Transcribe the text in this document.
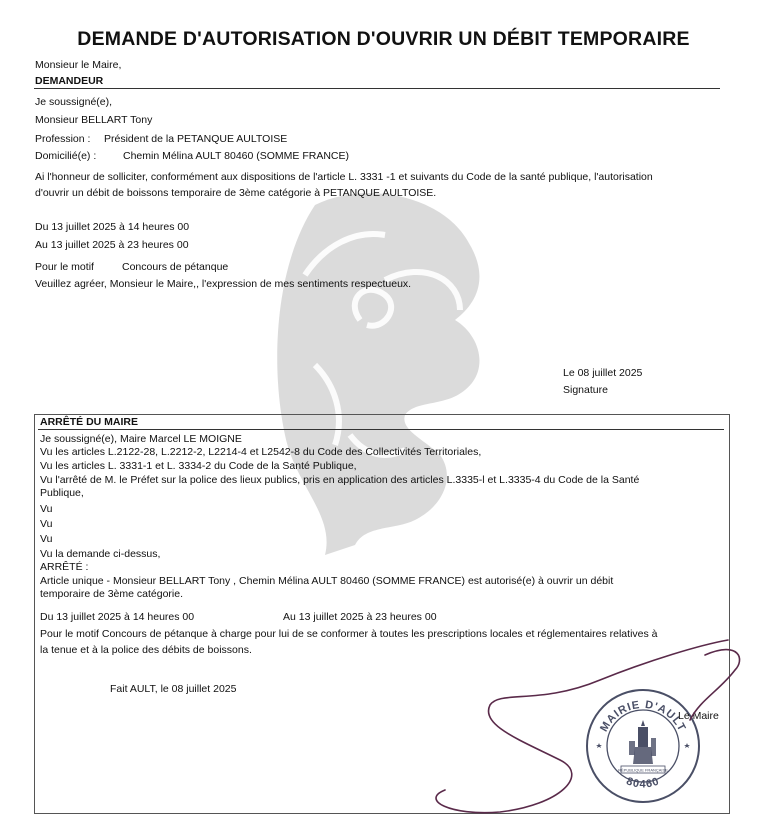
DEMANDE D'AUTORISATION D'OUVRIR UN DÉBIT TEMPORAIRE
Monsieur le Maire,
DEMANDEUR
Je soussigné(e),
Monsieur BELLART Tony
Profession : Président de la PETANQUE AULTOISE
Domicilié(e) :	Chemin Mélina AULT 80460 (SOMME FRANCE)
Ai l'honneur de solliciter, conformément aux dispositions de l'article L. 3331 -1 et suivants du Code de la santé publique, l'autorisation
d'ouvrir un débit de boissons temporaire de 3ème catégorie à PETANQUE AULTOISE.
Du 13 juillet 2025 à 14 heures 00
Au 13 juillet 2025 à 23 heures 00
Pour le motif	Concours de pétanque
Veuillez agréer, Monsieur le Maire,, l'expression de mes sentiments respectueux.
Le 08 juillet 2025
Signature
ARRÊTÉ DU MAIRE
Je soussigné(e), Maire Marcel LE MOIGNE
Vu les articles L.2122-28, L.2212-2, L2214-4 et L2542-8 du Code des Collectivités Territoriales,
Vu les articles L. 3331-1 et L. 3334-2 du Code de la Santé Publique,
Vu l'arrêté de M. le Préfet sur la police des lieux publics, pris en application des articles L.3335-l et L.3335-4 du Code de la Santé
Publique,
Vu
Vu
Vu
Vu la demande ci-dessus,
ARRÊTÉ :
Article unique - Monsieur BELLART Tony , Chemin Mélina AULT 80460 (SOMME FRANCE) est autorisé(e) à ouvrir un débit
temporaire de 3ème catégorie.
Du 13 juillet 2025 à 14 heures 00	Au 13 juillet 2025 à 23 heures 00
Pour le motif Concours de pétanque à charge pour lui de se conformer à toutes les prescriptions locales et réglementaires relatives à
la tenue et à la police des débits de boissons.
Fait AULT, le 08 juillet 2025
MAIRIE D'AULT
RÉPUBLIQUE FRANÇAISE
80460
Le Maire
